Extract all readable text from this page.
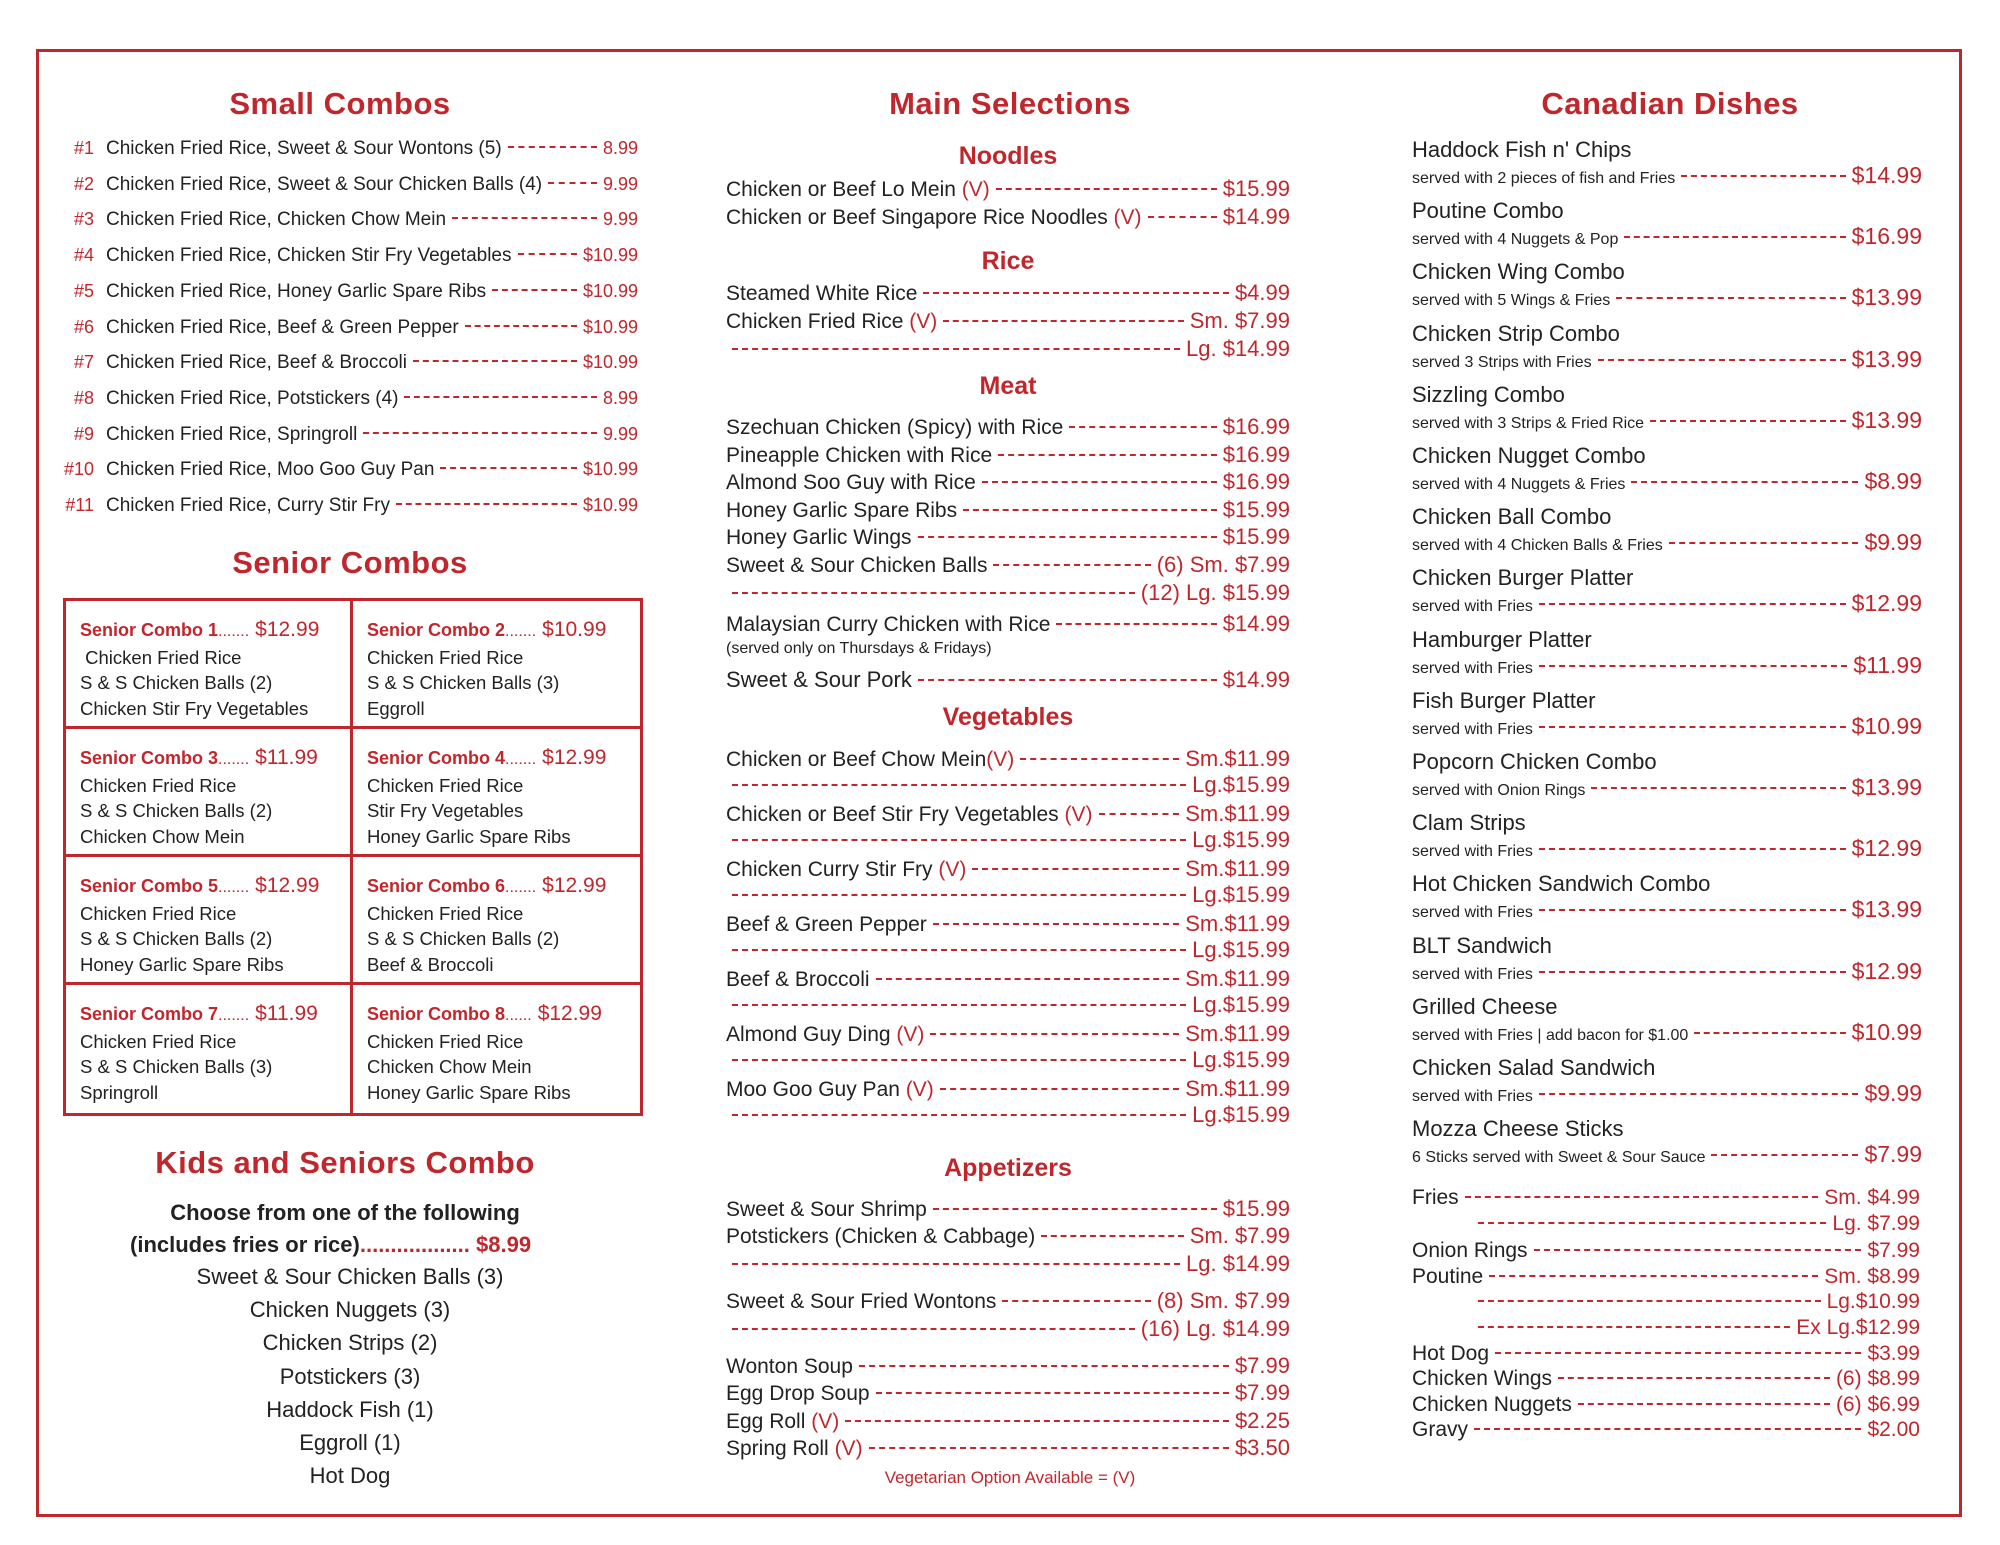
Small Combos
#1 Chicken Fried Rice, Sweet & Sour Wontons (5)	8.99
#2 Chicken Fried Rice, Sweet & Sour Chicken Balls (4)	9.99
#3 Chicken Fried Rice, Chicken Chow Mein	9.99
#4 Chicken Fried Rice, Chicken Stir Fry Vegetables	$10.99
#5 Chicken Fried Rice, Honey Garlic Spare Ribs	$10.99
#6 Chicken Fried Rice, Beef & Green Pepper	$10.99
#7 Chicken Fried Rice, Beef & Broccoli	$10.99
#8 Chicken Fried Rice, Potstickers (4)	8.99
#9 Chicken Fried Rice, Springroll	9.99
#10 Chicken Fried Rice, Moo Goo Guy Pan	$10.99
#11 Chicken Fried Rice, Curry Stir Fry	$10.99
Senior Combos
Senior Combo 1 ....... $12.99
Chicken Fried Rice
S & S Chicken Balls (2)
Chicken Stir Fry Vegetables
Senior Combo 2 ....... $10.99
Chicken Fried Rice
S & S Chicken Balls (3)
Eggroll
Senior Combo 3 ....... $11.99
Chicken Fried Rice
S & S Chicken Balls (2)
Chicken Chow Mein
Senior Combo 4 ....... $12.99
Chicken Fried Rice
Stir Fry Vegetables
Honey Garlic Spare Ribs
Senior Combo 5 ....... $12.99
Chicken Fried Rice
S & S Chicken Balls (2)
Honey Garlic Spare Ribs
Senior Combo 6 ....... $12.99
Chicken Fried Rice
S & S Chicken Balls (2)
Beef & Broccoli
Senior Combo 7 ....... $11.99
Chicken Fried Rice
S & S Chicken Balls (3)
Springroll
Senior Combo 8 ...... $12.99
Chicken Fried Rice
Chicken Chow Mein
Honey Garlic Spare Ribs
Kids and Seniors Combo
Choose from one of the following
(includes fries or rice).................. $8.99
Sweet & Sour Chicken Balls (3)
Chicken Nuggets (3)
Chicken Strips (2)
Potstickers (3)
Haddock Fish (1)
Eggroll (1)
Hot Dog
Main Selections
Noodles
Chicken or Beef Lo Mein (V)	$15.99
Chicken or Beef Singapore Rice Noodles (V)	$14.99
Rice
Steamed White Rice	$4.99
Chicken Fried Rice (V)	Sm. $7.99
Lg. $14.99
Meat
Szechuan Chicken (Spicy) with Rice	$16.99
Pineapple Chicken with Rice	$16.99
Almond Soo Guy with Rice	$16.99
Honey Garlic Spare Ribs	$15.99
Honey Garlic Wings	$15.99
Sweet & Sour Chicken Balls	(6) Sm. $7.99
(12) Lg. $15.99
Malaysian Curry Chicken with Rice	$14.99
(served only on Thursdays & Fridays)
Sweet & Sour Pork	$14.99
Vegetables
Chicken or Beef Chow Mein (V)	Sm.$11.99
Lg.$15.99
Chicken or Beef Stir Fry Vegetables (V)	Sm.$11.99
Lg.$15.99
Chicken Curry Stir Fry (V)	Sm.$11.99
Lg.$15.99
Beef & Green Pepper	Sm.$11.99
Lg.$15.99
Beef & Broccoli	Sm.$11.99
Lg.$15.99
Almond Guy Ding (V)	Sm.$11.99
Lg.$15.99
Moo Goo Guy Pan (V)	Sm.$11.99
Lg.$15.99
Appetizers
Sweet & Sour Shrimp	$15.99
Potstickers (Chicken & Cabbage)	Sm. $7.99
Lg. $14.99
Sweet & Sour Fried Wontons	(8) Sm. $7.99
(16) Lg. $14.99
Wonton Soup	$7.99
Egg Drop Soup	$7.99
Egg Roll (V)	$2.25
Spring Roll (V)	$3.50
Vegetarian Option Available = (V)
Canadian Dishes
Haddock Fish n' Chips
served with 2 pieces of fish and Fries	$14.99
Poutine Combo
served with 4 Nuggets & Pop	$16.99
Chicken Wing Combo
served with 5 Wings & Fries	$13.99
Chicken Strip Combo
served 3 Strips with Fries	$13.99
Sizzling Combo
served with 3 Strips & Fried Rice	$13.99
Chicken Nugget Combo
served with 4 Nuggets & Fries	$8.99
Chicken Ball Combo
served with 4 Chicken Balls & Fries	$9.99
Chicken Burger Platter
served with Fries	$12.99
Hamburger Platter
served with Fries	$11.99
Fish Burger Platter
served with Fries	$10.99
Popcorn Chicken Combo
served with Onion Rings	$13.99
Clam Strips
served with Fries	$12.99
Hot Chicken Sandwich Combo
served with Fries	$13.99
BLT Sandwich
served with Fries	$12.99
Grilled Cheese
served with Fries | add bacon for $1.00	$10.99
Chicken Salad Sandwich
served with Fries	$9.99
Mozza Cheese Sticks
6 Sticks served with Sweet & Sour Sauce	$7.99
Fries	Sm. $4.99
Lg. $7.99
Onion Rings	$7.99
Poutine	Sm. $8.99
Lg.$10.99
Ex Lg.$12.99
Hot Dog	$3.99
Chicken Wings	(6) $8.99
Chicken Nuggets	(6) $6.99
Gravy	$2.00
